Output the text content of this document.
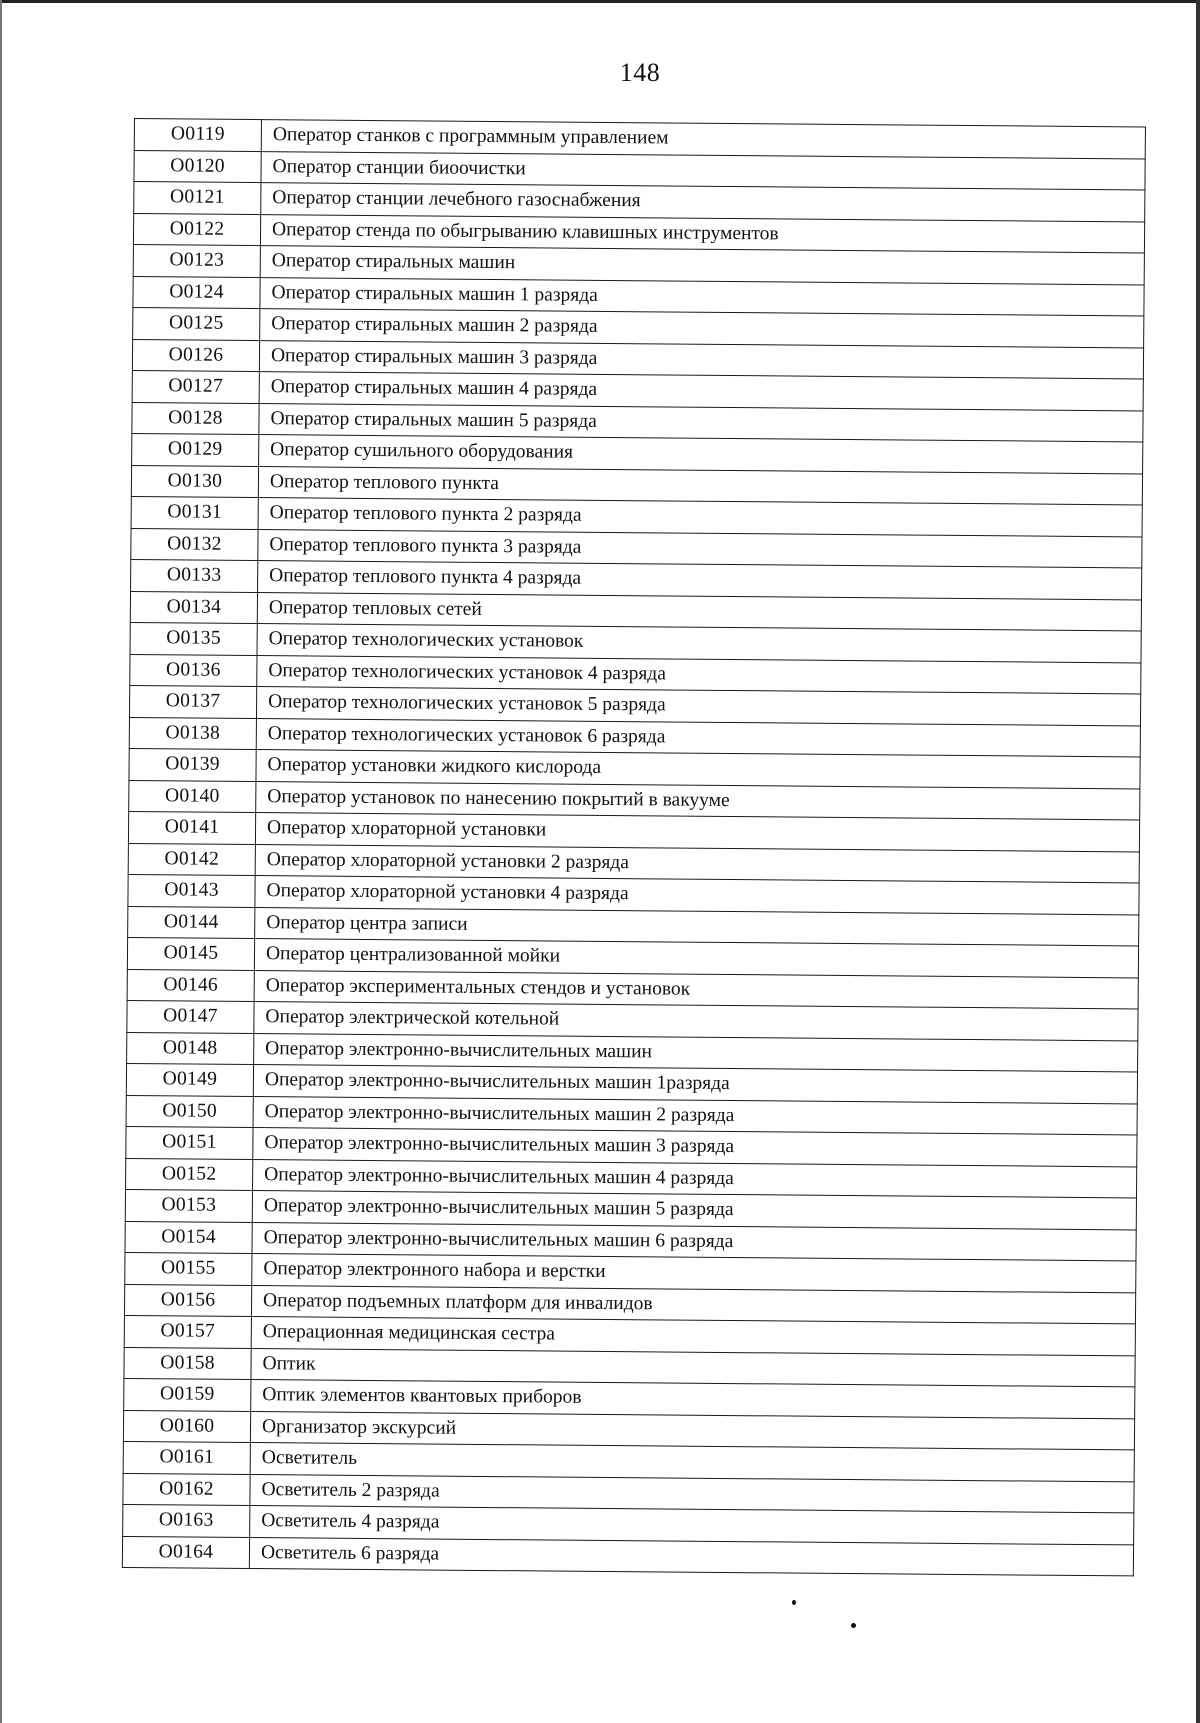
148
O0119	Оператор станков с программным управлением
O0120	Оператор станции биоочистки
O0121	Оператор станции лечебного газоснабжения
O0122	Оператор стенда по обыгрыванию клавишных инструментов
O0123	Оператор стиральных машин
O0124	Оператор стиральных машин 1 разряда
O0125	Оператор стиральных машин 2 разряда
O0126	Оператор стиральных машин 3 разряда
O0127	Оператор стиральных машин 4 разряда
O0128	Оператор стиральных машин 5 разряда
O0129	Оператор сушильного оборудования
O0130	Оператор теплового пункта
O0131	Оператор теплового пункта 2 разряда
O0132	Оператор теплового пункта 3 разряда
O0133	Оператор теплового пункта 4 разряда
O0134	Оператор тепловых сетей
O0135	Оператор технологических установок
O0136	Оператор технологических установок 4 разряда
O0137	Оператор технологических установок 5 разряда
O0138	Оператор технологических установок 6 разряда
O0139	Оператор установки жидкого кислорода
O0140	Оператор установок по нанесению покрытий в вакууме
O0141	Оператор хлораторной установки
O0142	Оператор хлораторной установки 2 разряда
O0143	Оператор хлораторной установки 4 разряда
O0144	Оператор центра записи
O0145	Оператор централизованной мойки
O0146	Оператор экспериментальных стендов и установок
O0147	Оператор электрической котельной
O0148	Оператор электронно-вычислительных машин
O0149	Оператор электронно-вычислительных машин 1разряда
O0150	Оператор электронно-вычислительных машин 2 разряда
O0151	Оператор электронно-вычислительных машин 3 разряда
O0152	Оператор электронно-вычислительных машин 4 разряда
O0153	Оператор электронно-вычислительных машин 5 разряда
O0154	Оператор электронно-вычислительных машин 6 разряда
O0155	Оператор электронного набора и верстки
O0156	Оператор подъемных платформ для инвалидов
O0157	Операционная медицинская сестра
O0158	Оптик
O0159	Оптик элементов квантовых приборов
O0160	Организатор экскурсий
O0161	Осветитель
O0162	Осветитель 2 разряда
O0163	Осветитель 4 разряда
O0164	Осветитель 6 разряда
